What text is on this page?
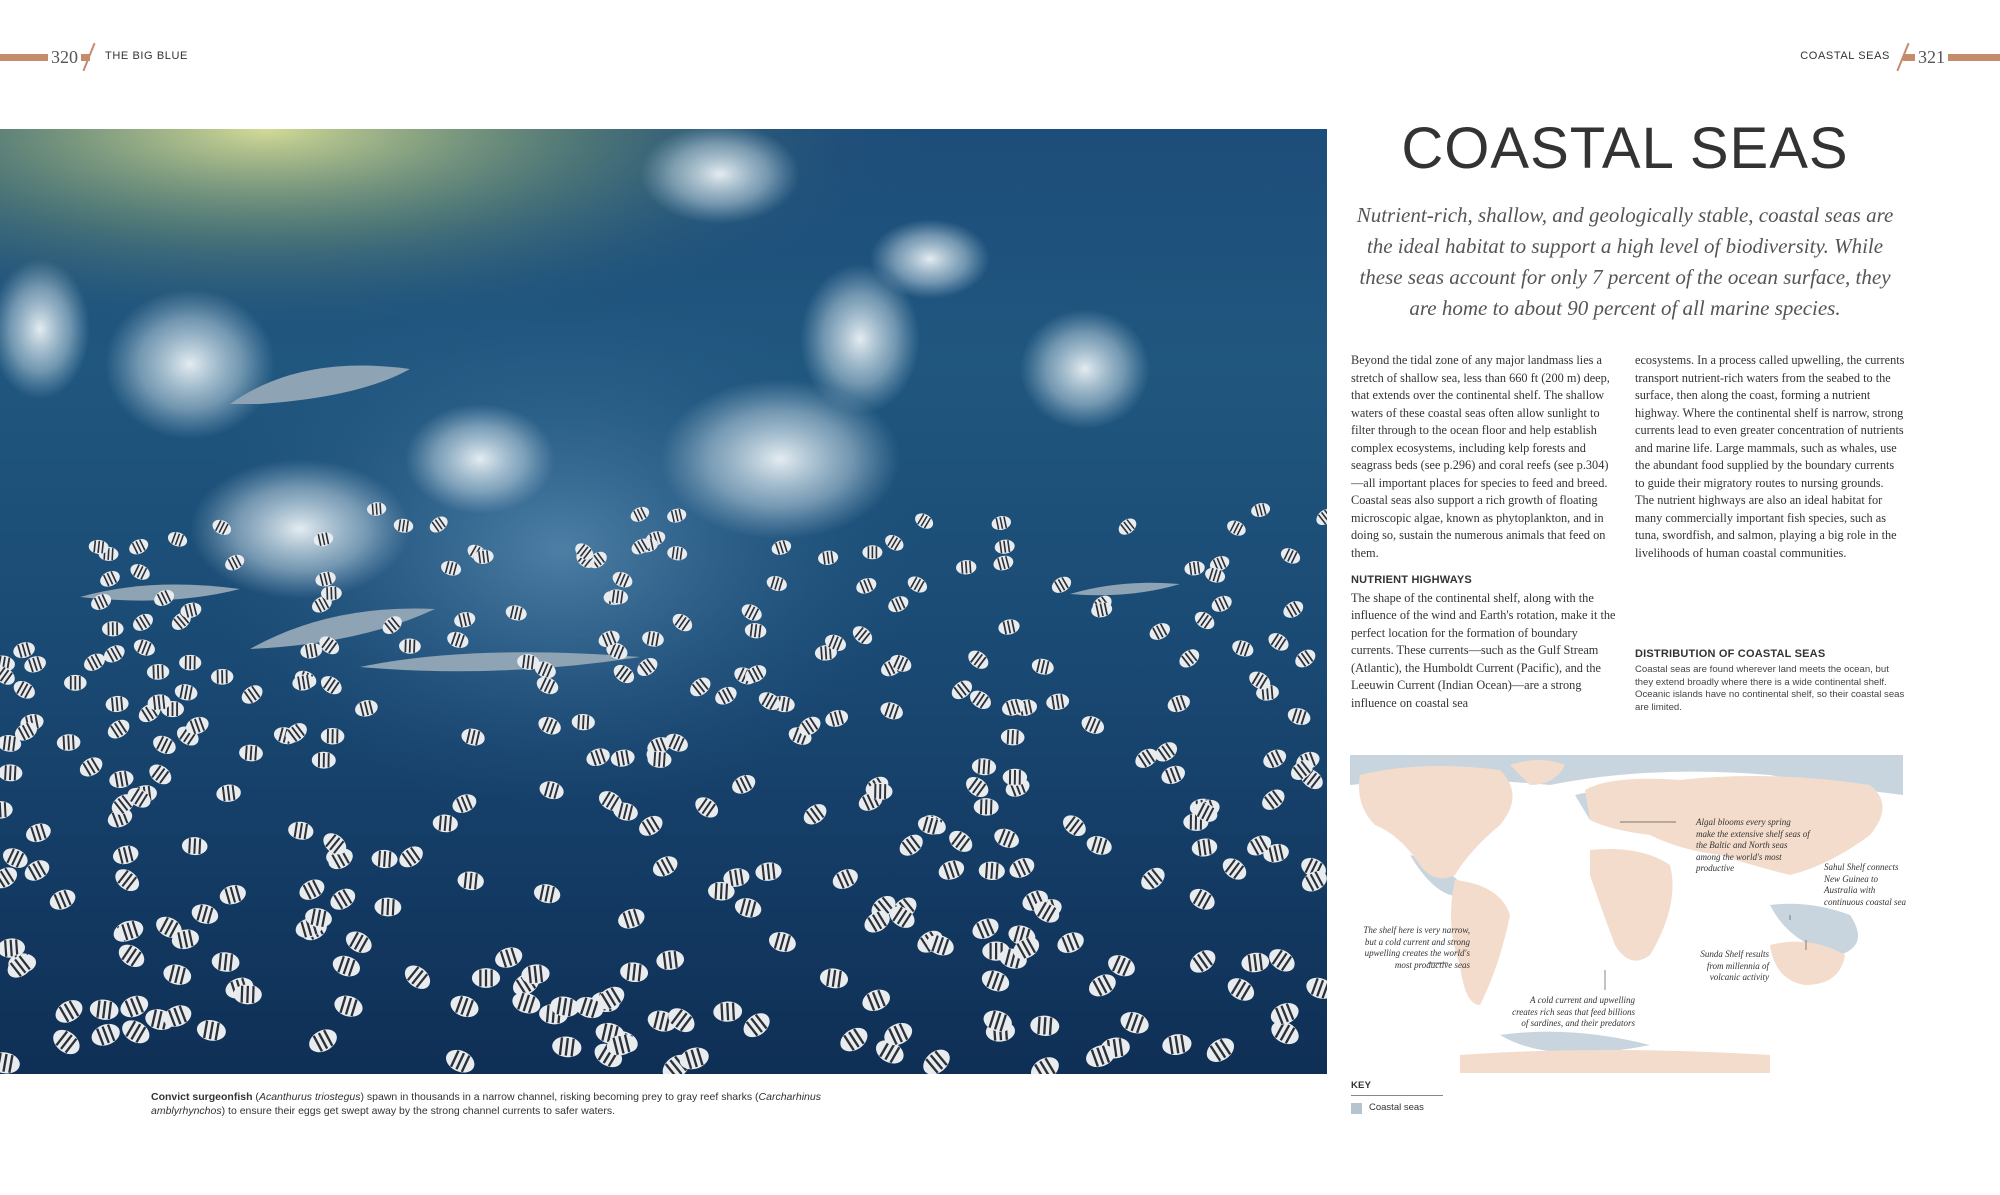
320 THE BIG BLUE	321
COASTAL SEAS
Convict surgeonfish (Acanthurus triostegus) spawn in thousands in a narrow channel, risking becoming prey to gray reef sharks (Carcharhinus amblyrhynchos) to ensure their eggs get swept away by the strong channel currents to safer waters.
COASTAL SEAS
Nutrient-rich, shallow, and geologically stable, coastal seas are the ideal habitat to support a high level of biodiversity. While these seas account for only 7 percent of the ocean surface, they are home to about 90 percent of all marine species.

Beyond the tidal zone of any major landmass lies a stretch of shallow sea, less than 660 ft (200 m) deep, that extends over the continental shelf. The shallow waters of these coastal seas often allow sunlight to filter through to the ocean floor and help establish complex ecosystems, including kelp forests and seagrass beds (see p.296) and coral reefs (see p.304)—all important places for species to feed and breed. Coastal seas also support a rich growth of floating microscopic algae, known as phytoplankton, and in doing so, sustain the numerous animals that feed on them.

NUTRIENT HIGHWAYS

The shape of the continental shelf, along with the influence of the wind and Earth's rotation, make it the perfect location for the formation of boundary currents. These currents—such as the Gulf Stream (Atlantic), the Humboldt Current (Pacific), and the Leeuwin Current (Indian Ocean)—are a strong influence on coastal sea

ecosystems. In a process called upwelling, the currents transport nutrient-rich waters from the seabed to the surface, then along the coast, forming a nutrient highway. Where the continental shelf is narrow, strong currents lead to even greater concentration of nutrients and marine life. Large mammals, such as whales, use the abundant food supplied by the boundary currents to guide their migratory routes to nursing grounds. The nutrient highways are also an ideal habitat for many commercially important fish species, such as tuna, swordfish, and salmon, playing a big role in the livelihoods of human coastal communities.

DISTRIBUTION OF COASTAL SEAS

Coastal seas are found wherever land meets the ocean, but they extend broadly where there is a wide continental shelf. Oceanic islands have no continental shelf, so their coastal seas are limited.
Algal blooms every spring make the extensive shelf seas of the Baltic and North seas among the world's most productive	Sahul Shelf connects New Guinea to Australia with continuous coastal sea
The shelf here is very narrow, but a cold current and strong upwelling creates the world's most productive seas
Sunda Shelf results from millennia of volcanic activity
A cold current and upwelling creates rich seas that feed billions of sardines, and their predators

KEY

Coastal seas
